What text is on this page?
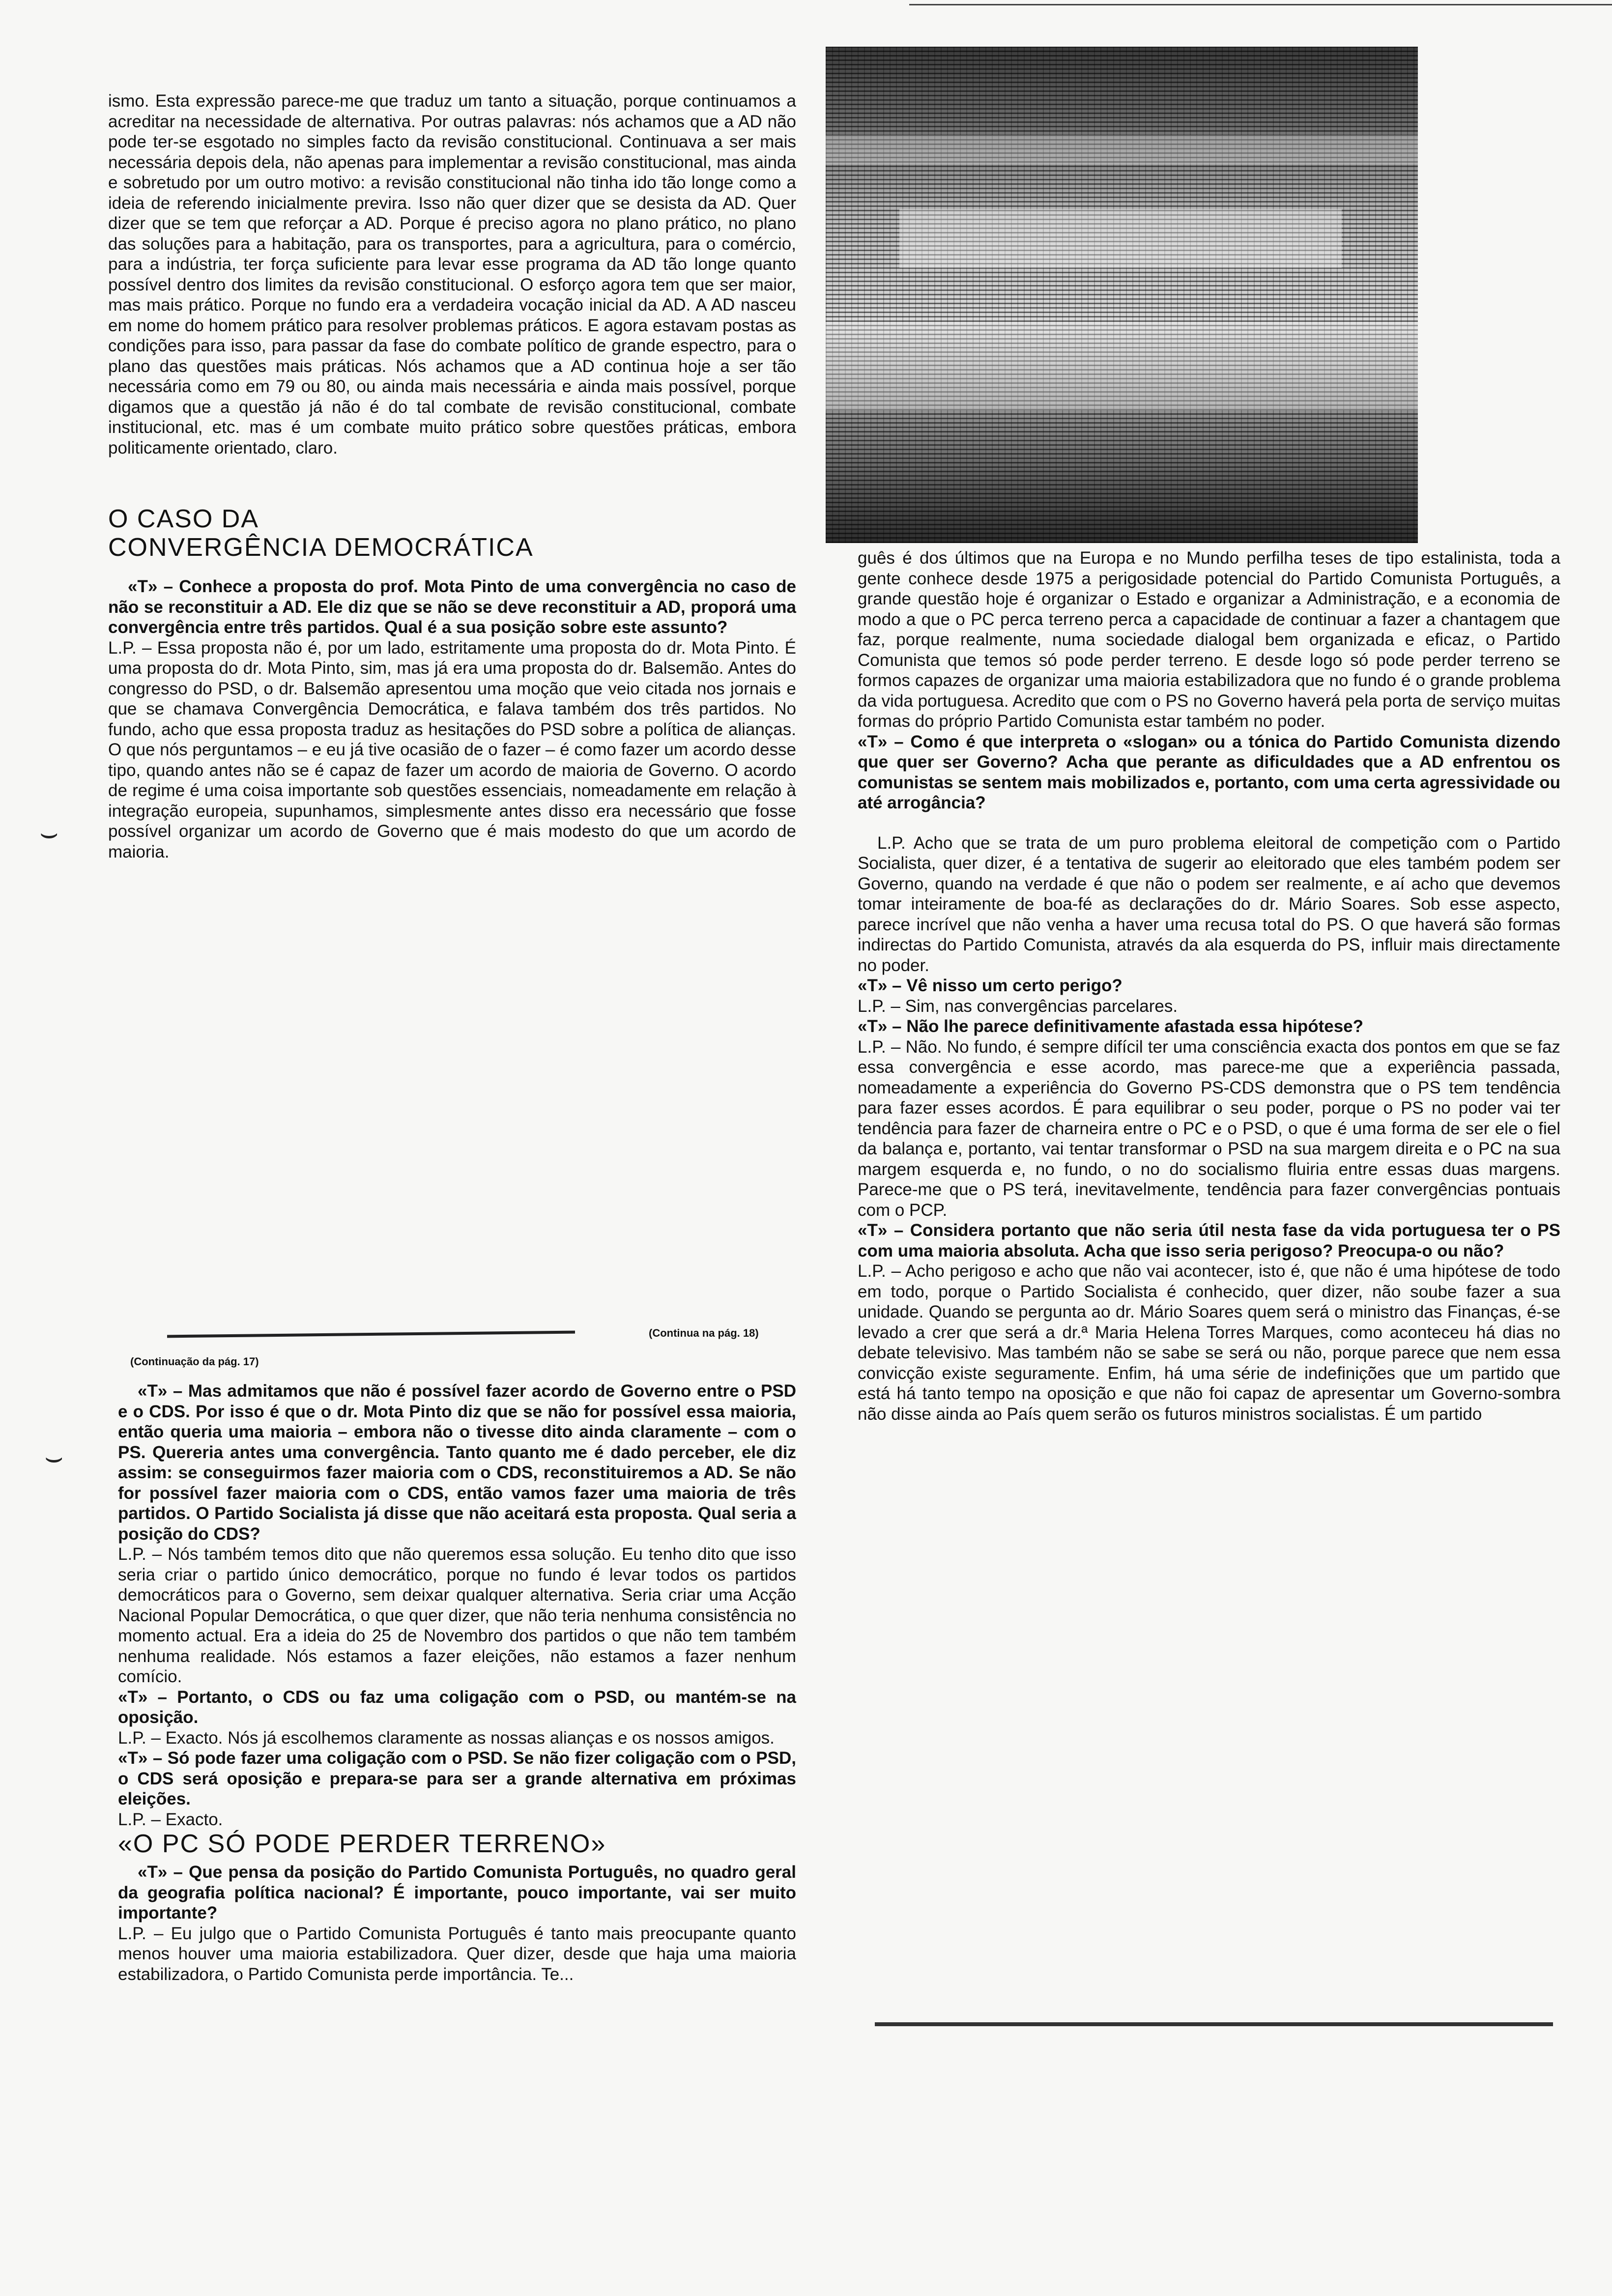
ismo. Esta expressão parece-me que traduz um tanto a situação, porque continuamos a acreditar na necessidade de alternativa. Por outras palavras: nós achamos que a AD não pode ter-se esgotado no simples facto da revisão constitucional. Continuava a ser mais necessária depois dela, não apenas para implementar a revisão constitucional, mas ainda e sobretudo por um outro motivo: a revisão constitucional não tinha ido tão longe como a ideia de referendo inicialmente previra. Isso não quer dizer que se desista da AD. Quer dizer que se tem que reforçar a AD. Porque é preciso agora no plano prático, no plano das soluções para a habitação, para os transportes, para a agricultura, para o comércio, para a indústria, ter força suficiente para levar esse programa da AD tão longe quanto possível dentro dos limites da revisão constitucional. O esforço agora tem que ser maior, mas mais prático. Porque no fundo era a verdadeira vocação inicial da AD. A AD nasceu em nome do homem prático para resolver problemas práticos. E agora estavam postas as condições para isso, para passar da fase do combate político de grande espectro, para o plano das questões mais práticas. Nós achamos que a AD continua hoje a ser tão necessária como em 79 ou 80, ou ainda mais necessária e ainda mais possível, porque digamos que a questão já não é do tal combate de revisão constitucional, combate institucional, etc. mas é um combate muito prático sobre questões práticas, embora politicamente orientado, claro.

O CASO DA
CONVERGÊNCIA DEMOCRÁTICA

«T» – Conhece a proposta do prof. Mota Pinto de uma convergência no caso de não se reconstituir a AD. Ele diz que se não se deve reconstituir a AD, proporá uma convergência entre três partidos. Qual é a sua posição sobre este assunto?

L.P. – Essa proposta não é, por um lado, estritamente uma proposta do dr. Mota Pinto. É uma proposta do dr. Mota Pinto, sim, mas já era uma proposta do dr. Balsemão. Antes do congresso do PSD, o dr. Balsemão apresentou uma moção que veio citada nos jornais e que se chamava Convergência Democrática, e falava também dos três partidos. No fundo, acho que essa proposta traduz as hesitações do PSD sobre a política de alianças. O que nós perguntamos – e eu já tive ocasião de o fazer – é como fazer um acordo desse tipo, quando antes não se é capaz de fazer um acordo de maioria de Governo. O acordo de regime é uma coisa importante sob questões essenciais, nomeadamente em relação à integração europeia, supunhamos, simplesmente antes disso era necessário que fosse possível organizar um acordo de Governo que é mais modesto do que um acordo de maioria.

(Continua na pág. 18)
(Continuação da pág. 17)

«T» – Mas admitamos que não é possível fazer acordo de Governo entre o PSD e o CDS. Por isso é que o dr. Mota Pinto diz que se não for possível essa maioria, então queria uma maioria – embora não o tivesse dito ainda claramente – com o PS. Quereria antes uma convergência. Tanto quanto me é dado perceber, ele diz assim: se conseguirmos fazer maioria com o CDS, reconstituiremos a AD. Se não for possível fazer maioria com o CDS, então vamos fazer uma maioria de três partidos. O Partido Socialista já disse que não aceitará esta proposta. Qual seria a posição do CDS?

L.P. – Nós também temos dito que não queremos essa solução. Eu tenho dito que isso seria criar o partido único democrático, porque no fundo é levar todos os partidos democráticos para o Governo, sem deixar qualquer alternativa. Seria criar uma Acção Nacional Popular Democrática, o que quer dizer, que não teria nenhuma consistência no momento actual. Era a ideia do 25 de Novembro dos partidos o que não tem também nenhuma realidade. Nós estamos a fazer eleições, não estamos a fazer nenhum comício.

«T» – Portanto, o CDS ou faz uma coligação com o PSD, ou mantém-se na oposição.

L.P. – Exacto. Nós já escolhemos claramente as nossas alianças e os nossos amigos.

«T» – Só pode fazer uma coligação com o PSD. Se não fizer coligação com o PSD, o CDS será oposição e prepara-se para ser a grande alternativa em próximas eleições.

L.P. – Exacto.

«O PC SÓ PODE PERDER TERRENO»

«T» – Que pensa da posição do Partido Comunista Português, no quadro geral da geografia política nacional? É importante, pouco importante, vai ser muito importante?

L.P. – Eu julgo que o Partido Comunista Português é tanto mais preocupante quanto menos houver uma maioria estabilizadora. Quer dizer, desde que haja uma maioria estabilizadora, o Partido Comunista perde importância. Te...

guês é dos últimos que na Europa e no Mundo perfilha teses de tipo estalinista, toda a gente conhece desde 1975 a perigosidade potencial do Partido Comunista Português, a grande questão hoje é organizar o Estado e organizar a Administração, e a economia de modo a que o PC perca terreno perca a capacidade de continuar a fazer a chantagem que faz, porque realmente, numa sociedade dialogal bem organizada e eficaz, o Partido Comunista que temos só pode perder terreno. E desde logo só pode perder terreno se formos capazes de organizar uma maioria estabilizadora que no fundo é o grande problema da vida portuguesa. Acredito que com o PS no Governo haverá pela porta de serviço muitas formas do próprio Partido Comunista estar também no poder.

«T» – Como é que interpreta o «slogan» ou a tónica do Partido Comunista dizendo que quer ser Governo? Acha que perante as dificuldades que a AD enfrentou os comunistas se sentem mais mobilizados e, portanto, com uma certa agressividade ou até arrogância?

L.P. Acho que se trata de um puro problema eleitoral de competição com o Partido Socialista, quer dizer, é a tentativa de sugerir ao eleitorado que eles também podem ser Governo, quando na verdade é que não o podem ser realmente, e aí acho que devemos tomar inteiramente de boa-fé as declarações do dr. Mário Soares. Sob esse aspecto, parece incrível que não venha a haver uma recusa total do PS. O que haverá são formas indirectas do Partido Comunista, através da ala esquerda do PS, influir mais directamente no poder.

«T» – Vê nisso um certo perigo?

L.P. – Sim, nas convergências parcelares.

«T» – Não lhe parece definitivamente afastada essa hipótese?

L.P. – Não. No fundo, é sempre difícil ter uma consciência exacta dos pontos em que se faz essa convergência e esse acordo, mas parece-me que a experiência passada, nomeadamente a experiência do Governo PS-CDS demonstra que o PS tem tendência para fazer esses acordos. É para equilibrar o seu poder, porque o PS no poder vai ter tendência para fazer de charneira entre o PC e o PSD, o que é uma forma de ser ele o fiel da balança e, portanto, vai tentar transformar o PSD na sua margem direita e o PC na sua margem esquerda e, no fundo, o no do socialismo fluiria entre essas duas margens. Parece-me que o PS terá, inevitavelmente, tendência para fazer convergências pontuais com o PCP.

«T» – Considera portanto que não seria útil nesta fase da vida portuguesa ter o PS com uma maioria absoluta. Acha que isso seria perigoso? Preocupa-o ou não?

L.P. – Acho perigoso e acho que não vai acontecer, isto é, que não é uma hipótese de todo em todo, porque o Partido Socialista é conhecido, quer dizer, não soube fazer a sua unidade. Quando se pergunta ao dr. Mário Soares quem será o ministro das Finanças, é-se levado a crer que será a dr.ª Maria Helena Torres Marques, como aconteceu há dias no debate televisivo. Mas também não se sabe se será ou não, porque parece que nem essa convicção existe seguramente. Enfim, há uma série de indefinições que um partido que está há tanto tempo na oposição e que não foi capaz de apresentar um Governo-sombra não disse ainda ao País quem serão os futuros ministros socialistas. É um partido

⌣
⌣
